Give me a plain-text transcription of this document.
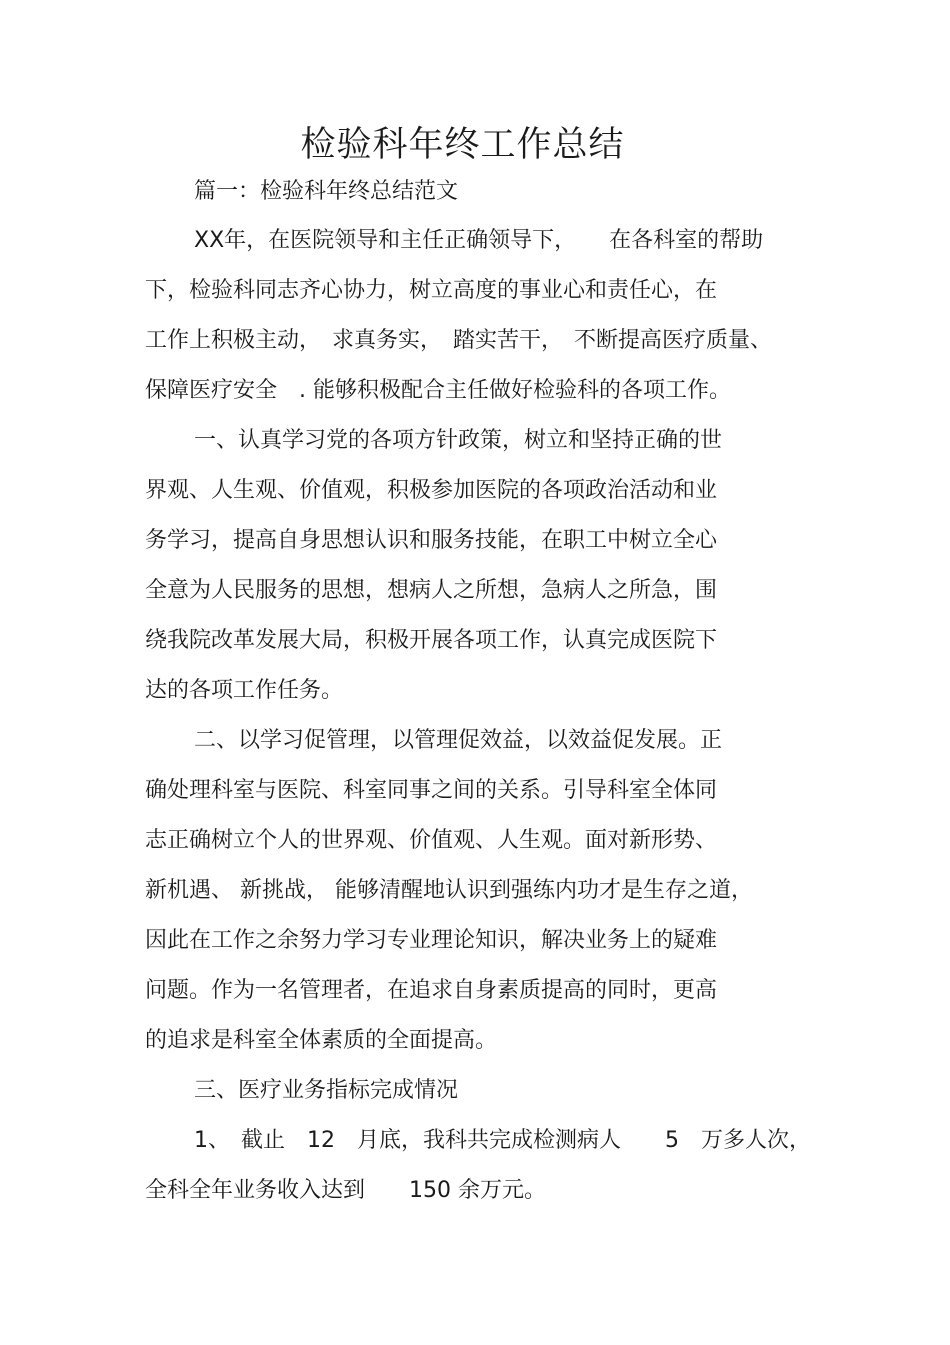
检验科年终工作总结
篇一：检验科年终总结范文
XX年，在医院领导和主任正确领导下，　　在各科室的帮助
下，检验科同志齐心协力，树立高度的事业心和责任心，在
工作上积极主动，　求真务实，　踏实苦干，　不断提高医疗质量、
保障医疗安全　. 能够积极配合主任做好检验科的各项工作。
一、认真学习党的各项方针政策，树立和坚持正确的世
界观、人生观、价值观，积极参加医院的各项政治活动和业
务学习，提高自身思想认识和服务技能，在职工中树立全心
全意为人民服务的思想，想病人之所想，急病人之所急，围
绕我院改革发展大局，积极开展各项工作，认真完成医院下
达的各项工作任务。
二、以学习促管理，以管理促效益，以效益促发展。正
确处理科室与医院、科室同事之间的关系。引导科室全体同
志正确树立个人的世界观、价值观、人生观。面对新形势、
新机遇、 新挑战， 能够清醒地认识到强练内功才是生存之道，
因此在工作之余努力学习专业理论知识，解决业务上的疑难
问题。作为一名管理者，在追求自身素质提高的同时，更高
的追求是科室全体素质的全面提高。
三、医疗业务指标完成情况
1、　截止　12　月底，我科共完成检测病人　　5　万多人次，
全科全年业务收入达到　　150 余万元。
